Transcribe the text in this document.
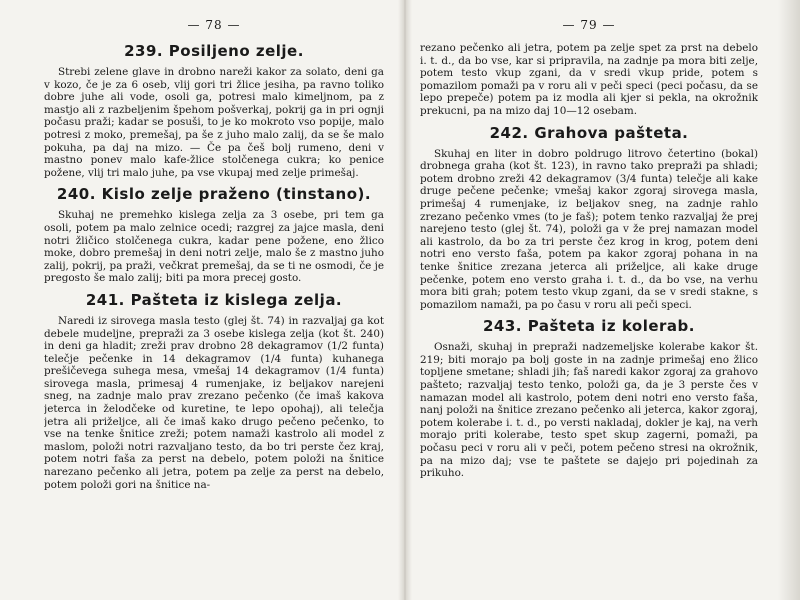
— 78 —
239. Posiljeno zelje.

Strebi zelene glave in drobno nareži kakor za solato, deni ga v kozo, če je za 6 oseb, vlij gori tri žlice jesiha, pa ravno toliko dobre juhe ali vode, osoli ga, potresi malo kimeljnom, pa z mastjo ali z razbeljenim špehom pošverkaj, pokrij ga in pri ognji počasu praži; kadar se posuši, to je ko mokroto vso popije, malo potresi z moko, premešaj, pa še z juho malo zalij, da se še malo pokuha, pa daj na mizo. — Če pa češ bolj rumeno, deni v mastno ponev malo kafe-žlice stolčenega cukra; ko penice požene, vlij tri malo juhe, pa vse vkupaj med zelje primešaj.

240. Kislo zelje praženo (tinstano).

Skuhaj ne premehko kislega zelja za 3 osebe, pri tem ga osoli, potem pa malo zelnice ocedi; razgrej za jajce masla, deni notri žličico stolčenega cukra, kadar pene požene, eno žlico moke, dobro premešaj in deni notri zelje, malo še z mastno juho zalij, pokrij, pa praži, večkrat premešaj, da se ti ne osmodi, če je pregosto še malo zalij; biti pa mora precej gosto.

241. Pašteta iz kislega zelja.

Naredi iz sirovega masla testo (glej št. 74) in razvaljaj ga kot debele mudeljne, prepraži za 3 osebe kislega zelja (kot št. 240) in deni ga hladit; zreži prav drobno 28 dekagramov (1/2 funta) telečje pečenke in 14 dekagramov (1/4 funta) kuhanega prešičevega suhega mesa, vmešaj 14 dekagramov (1/4 funta) sirovega masla, primesaj 4 rumenjake, iz beljakov narejeni sneg, na zadnje malo prav zrezano pečenko (če imaš kakova jeterca in želodčeke od kuretine, te lepo opohaj), ali telečja jetra ali priželjce, ali če imaš kako drugo pečeno pečenko, to vse na tenke šnitice zreži; potem namaži kastrolo ali model z maslom, položi notri razvaljano testo, da bo tri perste čez kraj, potem notri faša za perst na debelo, potem položi na šnitice narezano pečenko ali jetra, potem pa zelje za perst na debelo, potem položi gori na šnitice na-

— 79 —

rezano pečenko ali jetra, potem pa zelje spet za prst na debelo i. t. d., da bo vse, kar si pripravila, na zadnje pa mora biti zelje, potem testo vkup zgani, da v sredi vkup pride, potem s pomazilom pomaži pa v roru ali v peči speci (peci počasu, da se lepo prepeče) potem pa iz modla ali kjer si pekla, na okrožnik prekucni, pa na mizo daj 10—12 osebam.

242. Grahova pašteta.

Skuhaj en liter in dobro poldrugo litrovo četertino (bokal) drobnega graha (kot št. 123), in ravno tako prepraži pa shladi; potem drobno zreži 42 dekagramov (3/4 funta) telečje ali kake druge pečene pečenke; vmešaj kakor zgoraj sirovega masla, primešaj 4 rumenjake, iz beljakov sneg, na zadnje rahlo zrezano pečenko vmes (to je faš); potem tenko razvaljaj že prej narejeno testo (glej št. 74), položi ga v že prej namazan model ali kastrolo, da bo za tri perste čez krog in krog, potem deni notri eno versto faša, potem pa kakor zgoraj pohana in na tenke šnitice zrezana jeterca ali priželjce, ali kake druge pečenke, potem eno versto graha i. t. d., da bo vse, na verhu mora biti grah; potem testo vkup zgani, da se v sredi stakne, s pomazilom namaži, pa po času v roru ali peči speci.

243. Pašteta iz kolerab.

Osnaži, skuhaj in prepraži nadzemeljske kolerabe kakor št. 219; biti morajo pa bolj goste in na zadnje primešaj eno žlico topljene smetane; shladi jih; faš naredi kakor zgoraj za grahovo pašteto; razvaljaj testo tenko, položi ga, da je 3 perste čes v namazan model ali kastrolo, potem deni notri eno versto faša, nanj položi na šnitice zrezano pečenko ali jeterca, kakor zgoraj, potem kolerabe i. t. d., po versti nakladaj, dokler je kaj, na verh morajo priti kolerabe, testo spet skup zagerni, pomaži, pa počasu peci v roru ali v peči, potem pečeno stresi na okrožnik, pa na mizo daj; vse te paštete se dajejo pri pojedinah za prikuho.
